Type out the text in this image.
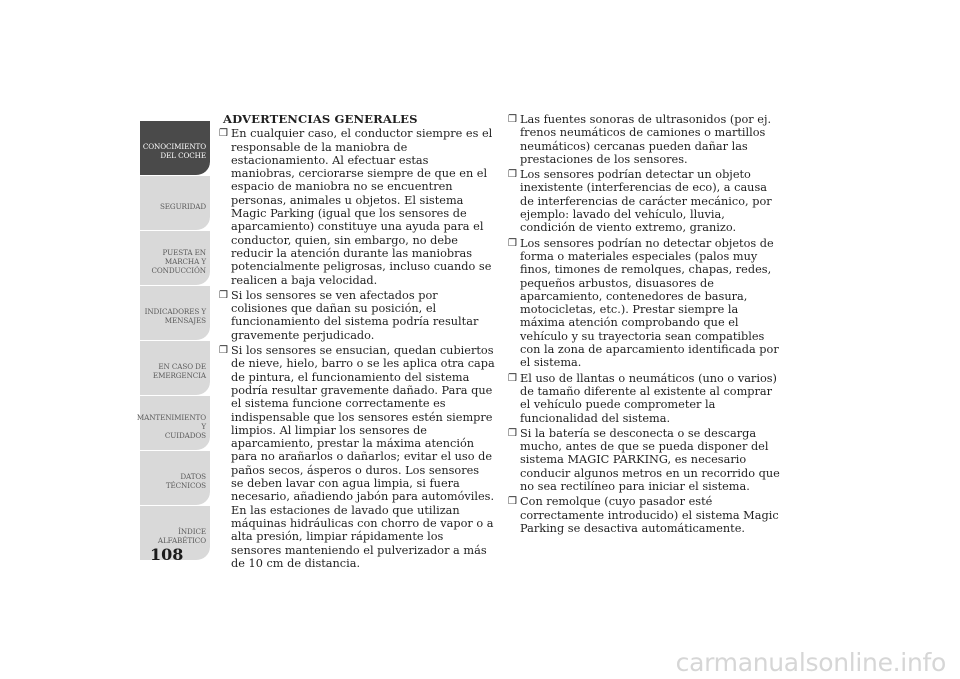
CONOCIMIENTO
DEL COCHE
SEGURIDAD
PUESTA EN
MARCHA Y
CONDUCCIÓN
INDICADORES Y
MENSAJES
EN CASO DE
EMERGENCIA
MANTENIMIENTO Y
CUIDADOS
DATOS TÉCNICOS
ÍNDICE
ALFABÉTICO
108
ADVERTENCIAS GENERALES
❒ En cualquier caso, el conductor siempre es el responsable de la maniobra de estacionamiento. Al efectuar estas maniobras, cerciorarse siempre de que en el espacio de maniobra no se encuentren personas, animales u objetos. El sistema Magic Parking (igual que los sensores de aparcamiento) constituye una ayuda para el conductor, quien, sin embargo, no debe reducir la atención durante las maniobras potencialmente peligrosas, incluso cuando se realicen a baja velocidad.
❒ Si los sensores se ven afectados por colisiones que dañan su posición, el funcionamiento del sistema podría resultar gravemente perjudicado.
❒ Si los sensores se ensucian, quedan cubiertos de nieve, hielo, barro o se les aplica otra capa de pintura, el funcionamiento del sistema podría resultar gravemente dañado. Para que el sistema funcione correctamente es indispensable que los sensores estén siempre limpios. Al limpiar los sensores de aparcamiento, prestar la máxima atención para no arañarlos o dañarlos; evitar el uso de paños secos, ásperos o duros. Los sensores se deben lavar con agua limpia, si fuera necesario, añadiendo jabón para automóviles. En las estaciones de lavado que utilizan máquinas hidráulicas con chorro de vapor o a alta presión, limpiar rápidamente los sensores manteniendo el pulverizador a más de 10 cm de distancia.
❒ Las fuentes sonoras de ultrasonidos (por ej. frenos neumáticos de camiones o martillos neumáticos) cercanas pueden dañar las prestaciones de los sensores.
❒ Los sensores podrían detectar un objeto inexistente (interferencias de eco), a causa de interferencias de carácter mecánico, por ejemplo: lavado del vehículo, lluvia, condición de viento extremo, granizo.
❒ Los sensores podrían no detectar objetos de forma o materiales especiales (palos muy finos, timones de remolques, chapas, redes, pequeños arbustos, disuasores de aparcamiento, contenedores de basura, motocicletas, etc.). Prestar siempre la máxima atención comprobando que el vehículo y su trayectoria sean compatibles con la zona de aparcamiento identificada por el sistema.
❒ El uso de llantas o neumáticos (uno o varios) de tamaño diferente al existente al comprar el vehículo puede comprometer la funcionalidad del sistema.
❒ Si la batería se desconecta o se descarga mucho, antes de que se pueda disponer del sistema MAGIC PARKING, es necesario conducir algunos metros en un recorrido que no sea rectilíneo para iniciar el sistema.
❒ Con remolque (cuyo pasador esté correctamente introducido) el sistema Magic Parking se desactiva automáticamente.
carmanualsonline.info
